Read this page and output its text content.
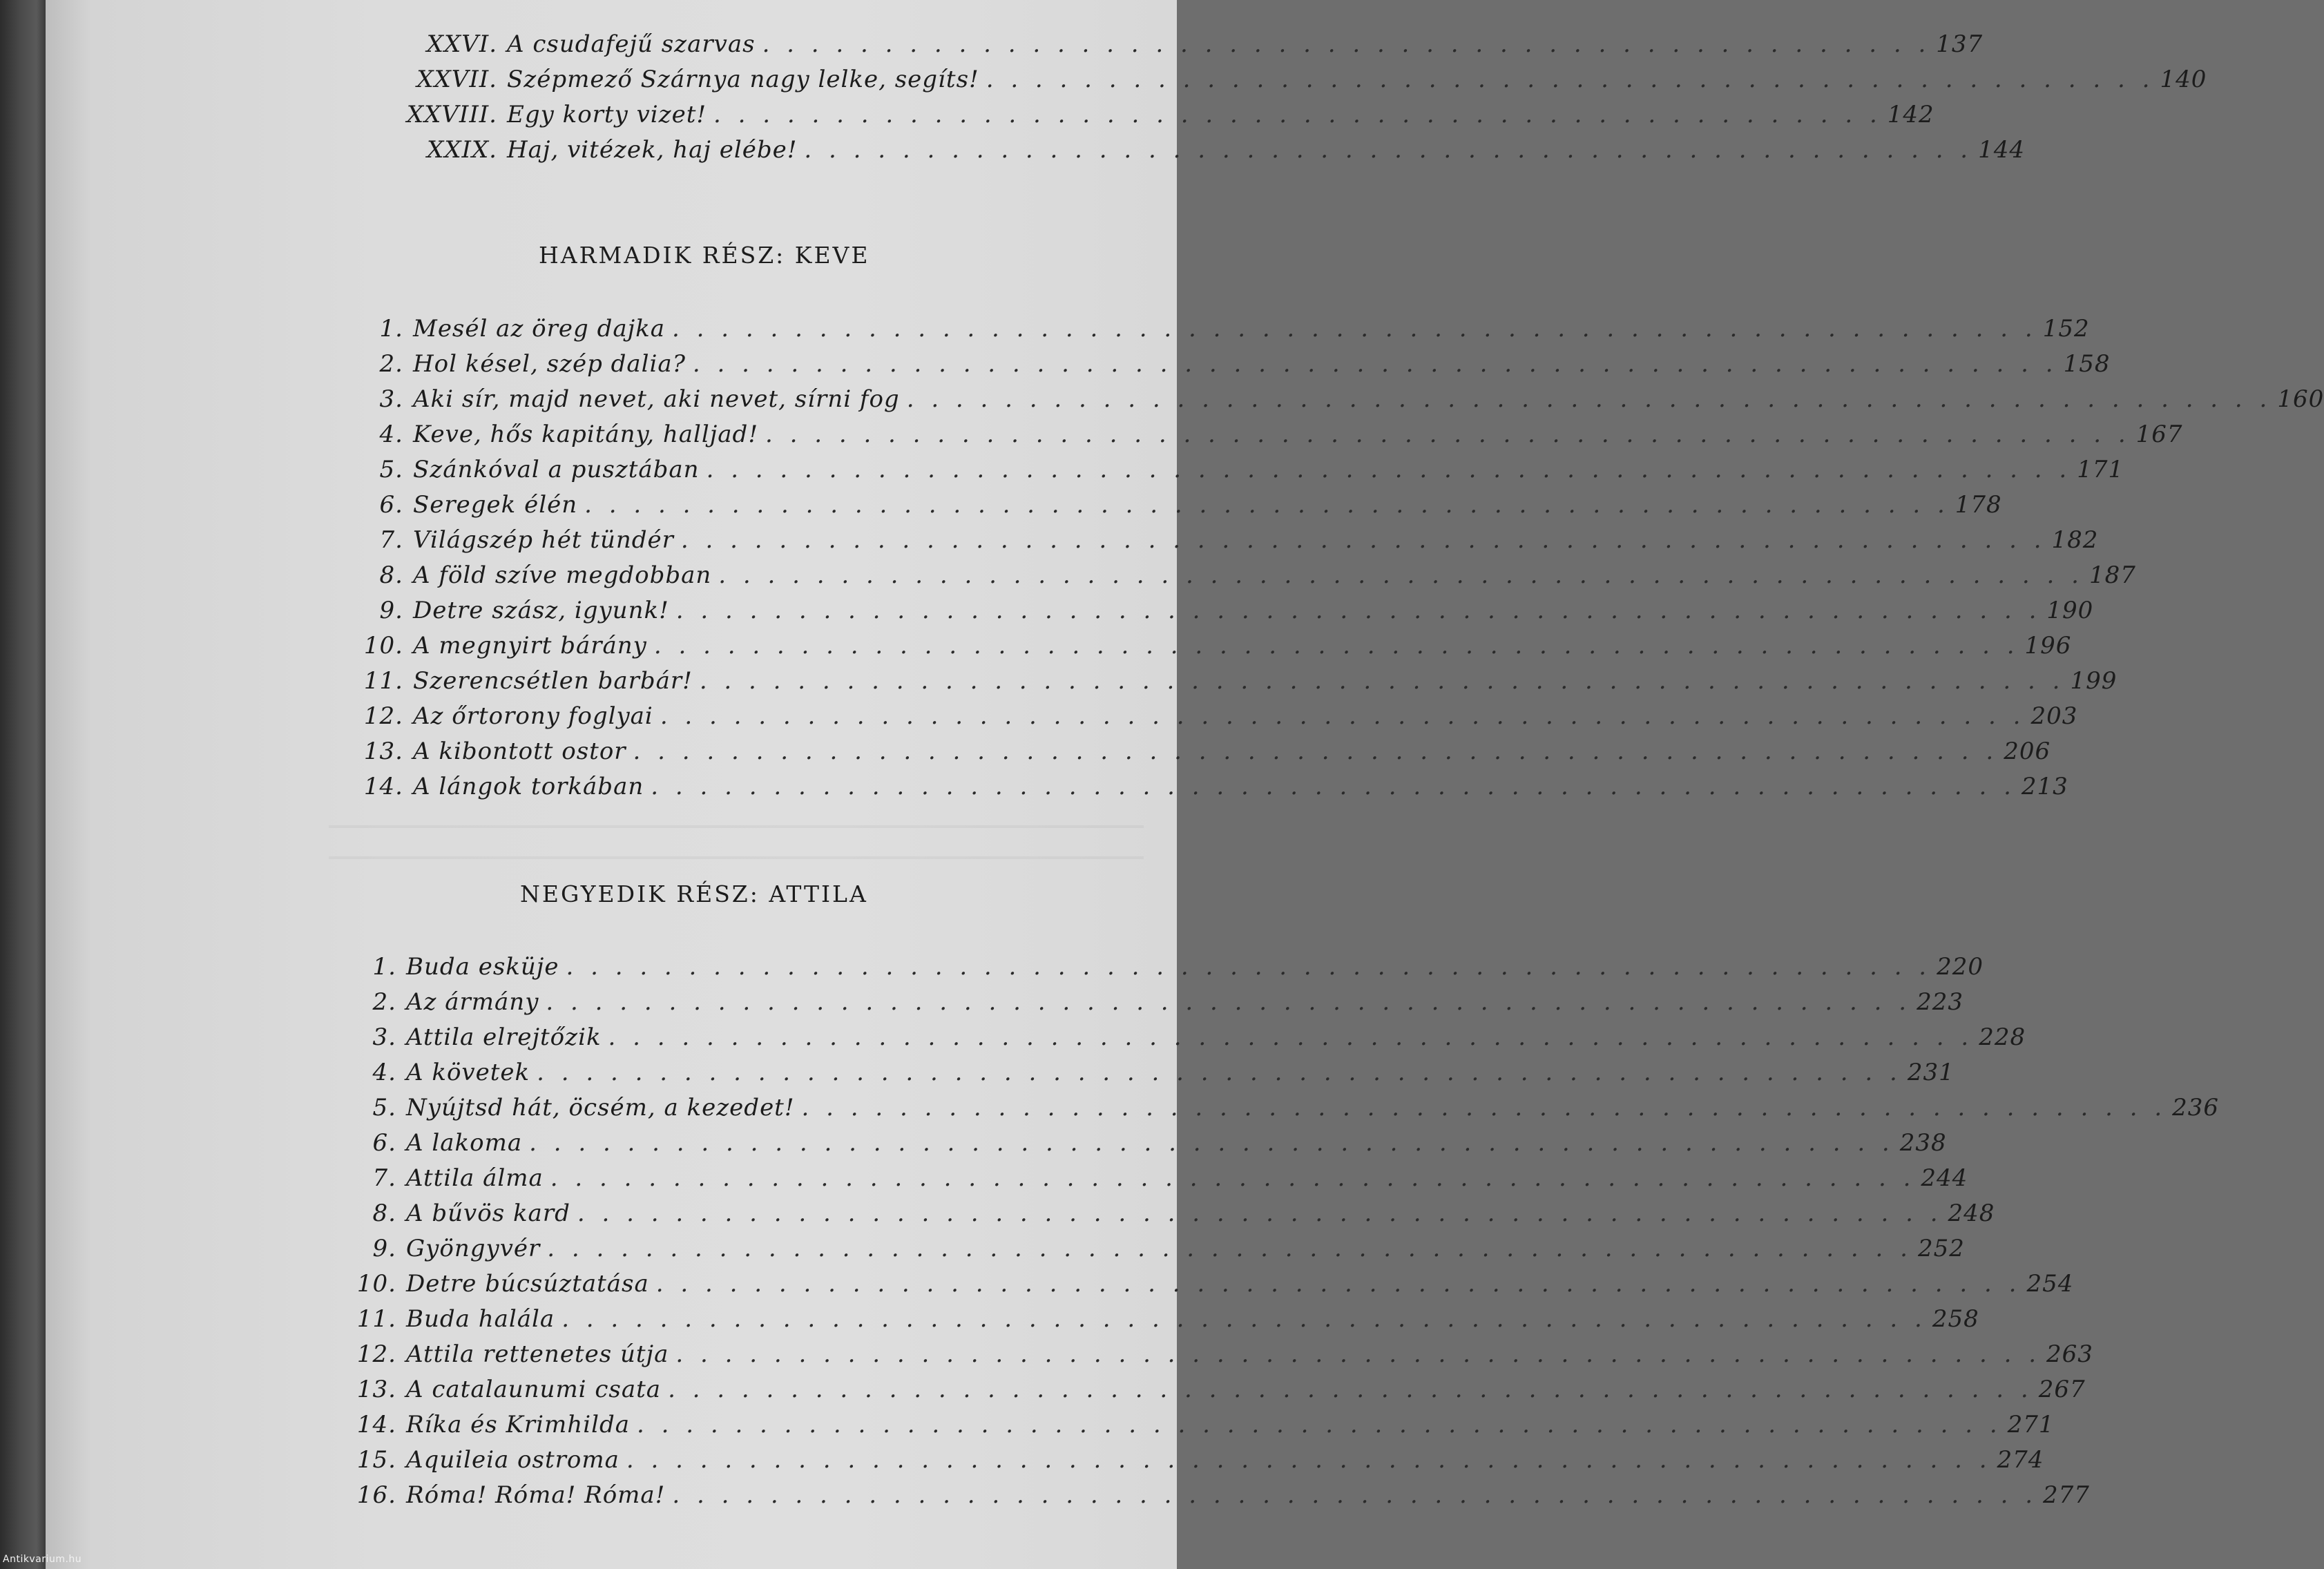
XXVI. A csudafejű szarvas . . . . . . . . . . . . . . . . . . . . . . . . . . . . . . . . . . . . . . . . . . . . . . . . 137
XXVII. Szépmező Szárnya nagy lelke, segíts! . . . . . . . . . . . . . . . . . . . . . . . . . . . . . . . . . . . . . . . . . . . . . . . . 140
XXVIII. Egy korty vizet! . . . . . . . . . . . . . . . . . . . . . . . . . . . . . . . . . . . . . . . . . . . . . . . . 142
XXIX. Haj, vitézek, haj elébe! . . . . . . . . . . . . . . . . . . . . . . . . . . . . . . . . . . . . . . . . . . . . . . . . 144
HARMADIK RÉSZ: KEVE
1. Mesél az öreg dajka . . . . . . . . . . . . . . . . . . . . . . . . . . . . . . . . . . . . . . . . . . . . . . . . . . . . . . . . 152
2. Hol késel, szép dalia? . . . . . . . . . . . . . . . . . . . . . . . . . . . . . . . . . . . . . . . . . . . . . . . . . . . . . . . . 158
3. Aki sír, majd nevet, aki nevet, sírni fog . . . . . . . . . . . . . . . . . . . . . . . . . . . . . . . . . . . . . . . . . . . . . . . . . . . . . . . . 160
4. Keve, hős kapitány, halljad! . . . . . . . . . . . . . . . . . . . . . . . . . . . . . . . . . . . . . . . . . . . . . . . . . . . . . . . . 167
5. Szánkóval a pusztában . . . . . . . . . . . . . . . . . . . . . . . . . . . . . . . . . . . . . . . . . . . . . . . . . . . . . . . . 171
6. Seregek élén . . . . . . . . . . . . . . . . . . . . . . . . . . . . . . . . . . . . . . . . . . . . . . . . . . . . . . . . 178
7. Világszép hét tündér . . . . . . . . . . . . . . . . . . . . . . . . . . . . . . . . . . . . . . . . . . . . . . . . . . . . . . . . 182
8. A föld szíve megdobban . . . . . . . . . . . . . . . . . . . . . . . . . . . . . . . . . . . . . . . . . . . . . . . . . . . . . . . . 187
9. Detre szász, igyunk! . . . . . . . . . . . . . . . . . . . . . . . . . . . . . . . . . . . . . . . . . . . . . . . . . . . . . . . . 190
10. A megnyirt bárány . . . . . . . . . . . . . . . . . . . . . . . . . . . . . . . . . . . . . . . . . . . . . . . . . . . . . . . . 196
11. Szerencsétlen barbár! . . . . . . . . . . . . . . . . . . . . . . . . . . . . . . . . . . . . . . . . . . . . . . . . . . . . . . . . 199
12. Az őrtorony foglyai . . . . . . . . . . . . . . . . . . . . . . . . . . . . . . . . . . . . . . . . . . . . . . . . . . . . . . . . 203
13. A kibontott ostor . . . . . . . . . . . . . . . . . . . . . . . . . . . . . . . . . . . . . . . . . . . . . . . . . . . . . . . . 206
14. A lángok torkában . . . . . . . . . . . . . . . . . . . . . . . . . . . . . . . . . . . . . . . . . . . . . . . . . . . . . . . . 213
NEGYEDIK RÉSZ: ATTILA
1. Buda esküje . . . . . . . . . . . . . . . . . . . . . . . . . . . . . . . . . . . . . . . . . . . . . . . . . . . . . . . . 220
2. Az ármány . . . . . . . . . . . . . . . . . . . . . . . . . . . . . . . . . . . . . . . . . . . . . . . . . . . . . . . . 223
3. Attila elrejtőzik . . . . . . . . . . . . . . . . . . . . . . . . . . . . . . . . . . . . . . . . . . . . . . . . . . . . . . . . 228
4. A követek . . . . . . . . . . . . . . . . . . . . . . . . . . . . . . . . . . . . . . . . . . . . . . . . . . . . . . . . 231
5. Nyújtsd hát, öcsém, a kezedet! . . . . . . . . . . . . . . . . . . . . . . . . . . . . . . . . . . . . . . . . . . . . . . . . . . . . . . . . 236
6. A lakoma . . . . . . . . . . . . . . . . . . . . . . . . . . . . . . . . . . . . . . . . . . . . . . . . . . . . . . . . 238
7. Attila álma . . . . . . . . . . . . . . . . . . . . . . . . . . . . . . . . . . . . . . . . . . . . . . . . . . . . . . . . 244
8. A bűvös kard . . . . . . . . . . . . . . . . . . . . . . . . . . . . . . . . . . . . . . . . . . . . . . . . . . . . . . . . 248
9. Gyöngyvér . . . . . . . . . . . . . . . . . . . . . . . . . . . . . . . . . . . . . . . . . . . . . . . . . . . . . . . . 252
10. Detre búcsúztatása . . . . . . . . . . . . . . . . . . . . . . . . . . . . . . . . . . . . . . . . . . . . . . . . . . . . . . . . 254
11. Buda halála . . . . . . . . . . . . . . . . . . . . . . . . . . . . . . . . . . . . . . . . . . . . . . . . . . . . . . . . 258
12. Attila rettenetes útja . . . . . . . . . . . . . . . . . . . . . . . . . . . . . . . . . . . . . . . . . . . . . . . . . . . . . . . . 263
13. A catalaunumi csata . . . . . . . . . . . . . . . . . . . . . . . . . . . . . . . . . . . . . . . . . . . . . . . . . . . . . . . . 267
14. Ríka és Krimhilda . . . . . . . . . . . . . . . . . . . . . . . . . . . . . . . . . . . . . . . . . . . . . . . . . . . . . . . . 271
15. Aquileia ostroma . . . . . . . . . . . . . . . . . . . . . . . . . . . . . . . . . . . . . . . . . . . . . . . . . . . . . . . . 274
16. Róma! Róma! Róma! . . . . . . . . . . . . . . . . . . . . . . . . . . . . . . . . . . . . . . . . . . . . . . . . . . . . . . . . 277
Antikvarium.hu
